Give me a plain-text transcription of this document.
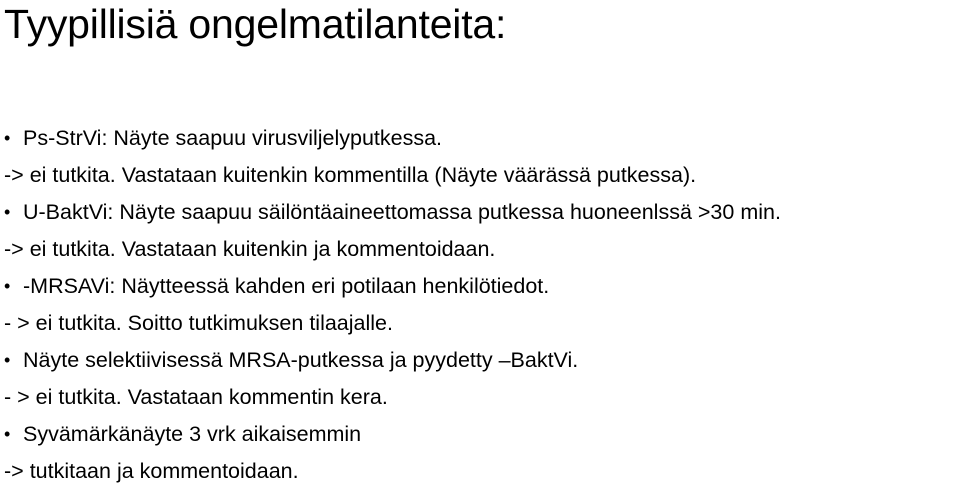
Tyypillisiä ongelmatilanteita:
• Ps-StrVi: Näyte saapuu virusviljelyputkessa.
-> ei tutkita. Vastataan kuitenkin kommentilla (Näyte väärässä putkessa).
• U-BaktVi: Näyte saapuu säilöntäaineettomassa putkessa huoneenlssä >30 min.
-> ei tutkita. Vastataan kuitenkin ja kommentoidaan.
• -MRSAVi: Näytteessä kahden eri potilaan henkilötiedot.
- > ei tutkita. Soitto tutkimuksen tilaajalle.
• Näyte selektiivisessä MRSA-putkessa ja pyydetty –BaktVi.
- > ei tutkita. Vastataan kommentin kera.
• Syvämärkänäyte 3 vrk aikaisemmin
-> tutkitaan ja kommentoidaan.
